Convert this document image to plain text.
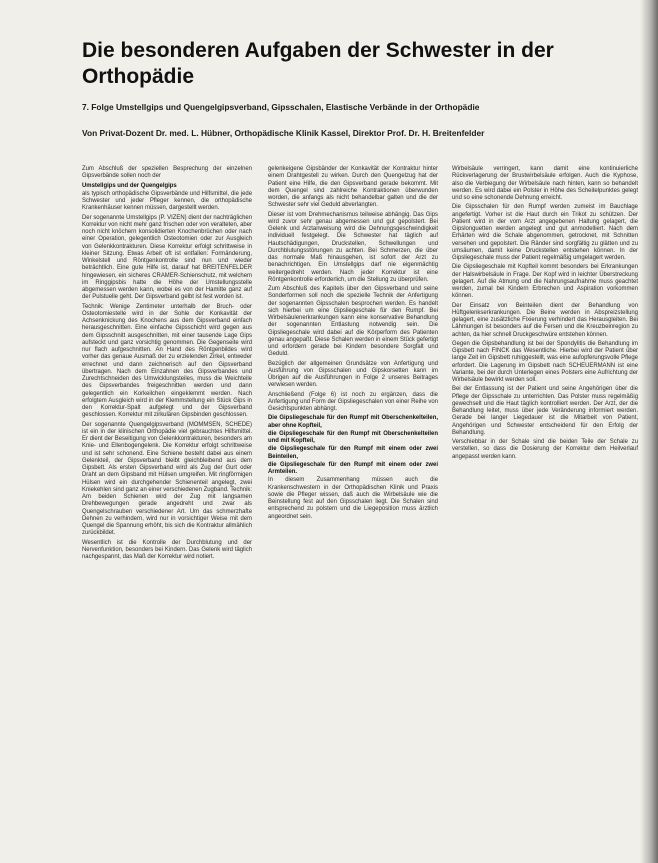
Die besonderen Aufgaben der Schwester in der Orthopädie
7. Folge Umstellgips und Quengelgipsverband, Gipsschalen, Elastische Verbände in der Orthopädie
Von Privat-Dozent Dr. med. L. Hübner, Orthopädische Klinik Kassel, Direktor Prof. Dr. H. Breitenfelder

Zum Abschluß der speziellen Besprechung der einzelnen Gipsverbände sollen noch der

Umstellgips und der Quengelgips

als typisch orthopädische Gipsverbände und Hilfsmittel, die jede Schwester und jeder Pfleger kennen, die orthopädische Krankenhäuser kennen müssen, dargestellt werden.

Der sogenannte Umstellgips (P. VIZEN) dient der nachträglichen Korrektur von nicht mehr ganz frischen oder von veralteten, aber noch nicht knöchern konsolidierten Knochenbrüchen oder nach einer Operation, gelegentlich Osteotomien oder zur Ausgleich von Gelenkkontrakturen. Diese Korrektur erfolgt schrittweise in kleiner Sitzung. Etwas Arbeit oft ist entfallen: Formänderung, Winkelstell und Röntgenkontrolle sind nun und wieder beträchtlich. Eine gute Hilfe ist, darauf hat BREITENFELDER hingewiesen, ein sicheres CRAMER-Schienschutz, mit welchem im Ringgipsbis hatte die Höhe der Umstellungsstelle abgemessen werden kann, wobei es von der Hamitte ganz auf der Pulstuelle geht. Der Gipsverband gelbt ist fest worden ist.

Technik: Wenige Zentimeter unterhalb der Bruch- oder Osteotomiestelle wird in der Sohle der Konkavität der Achsenknickung des Knochens aus dem Gipsverband einfach herausgeschnitten. Eine einfache Gipsschicht wird gegen aus dem Gipsschnitt ausgeschnitten, mit einer tausende Lage Gips aufsteckt und ganz vorsichtig genommen. Die Gegenseite wird nur flach aufgeschnitten. An Hand des Röntgenbildes wird vorher das genaue Ausmaß der zu erzielenden Zirkel, entweder errechnet und dann zeichnerisch auf den Gipsverband übertragen. Nach dem Einzahnen des Gipsverbandes und Zurechtschneiden des Umwicklungsteiles, muss die Weichteile des Gipsverbandes freigeschnitten werden und dann gelegentlich ein Korkeilchen eingeklemmt werden. Nach erfolgtem Ausgleich wird in der Klemmstellung ein Stück Gips in den Korrektur-Spalt aufgelegt und der Gipsverband geschlossen. Korrektur mit zirkulären Gipsbinden geschlossen.

Der sogenannte Quengelgipsverband (MOMMSEN, SCHEDE) ist ein in der klinischen Orthopädie viel gebrauchtes Hilfsmittel. Er dient der Beseitigung von Gelenkkontrakturen, besonders am Knie- und Ellenbogengelenk. Die Korrektur erfolgt schrittweise und ist sehr schonend. Eine Schiene besteht dabei aus einem Gelenkteil, der Gipsverband bleibt gleichbleibend aus dem Gipsbett. Als ersten Gipsverband wird als Zug der Gurt oder Draht an dem Gipsband mit Hülsen umgreifen. Mit ringförmigen Hülsen wird ein durchgehender Schienenteil angelegt, zwei Kniekehlen sind ganz an einer verschiedenen Zugband. Technik: Am beiden Schienen wird der Zug mit langsamen Drehbewegungen gerade angedreht und zwar als Quengelschrauben verschiedener Art. Um das schmerzhafte Dehnen zu verhindern, wird nur in vorsichtiger Weise mit dem Quengel die Spannung erhöht, bis sich die Kontraktur allmählich zurückbildet.

Wesentlich ist die Kontrolle der Durchblutung und der Nervenfunktion, besonders bei Kindern. Das Gelenk wird täglich nachgespannt, das Maß der Korrektur wird notiert.

gelenkeigene Gipsbänder der Konkavität der Kontraktur hinter einem Drahtgestell zu wirken. Durch den Quengelzug hat der Patient eine Hilfe, die den Gipsverband gerade bekommt. Mit dem Quengel sind zahlreiche Kontraktionen überwunden worden, die anfangs als nicht behandelbar galten und die der Schwester sehr viel Geduld abverlangten.

Dieser ist vom Drehmechanismus teilweise abhängig. Das Gips wird zuvor sehr genau abgemessen und gut gepolstert. Bei Gelenk und Arztanweisung wird die Dehnungsgeschwindigkeit individuell festgelegt. Die Schwester hat täglich auf Hautschädigungen, Druckstellen, Schwellungen und Durchblutungsstörungen zu achten. Bei Schmerzen, die über das normale Maß hinausgehen, ist sofort der Arzt zu benachrichtigen. Ein Umstellgips darf nie eigenmächtig weitergedreht werden. Nach jeder Korrektur ist eine Röntgenkontrolle erforderlich, um die Stellung zu überprüfen.

Zum Abschluß des Kapitels über den Gipsverband und seine Sonderformen soll noch die spezielle Technik der Anfertigung der sogenannten Gipsschalen besprochen werden. Es handelt sich hierbei um eine Gipsliegeschale für den Rumpf. Bei Wirbelsäulenerkrankungen kann eine konservative Behandlung der sogenannten Entlastung notwendig sein. Die Gipsliegeschale wird dabei auf die Körperform des Patienten genau angepaßt. Diese Schalen werden in einem Stück gefertigt und erfordern gerade bei Kindern besondere Sorgfalt und Geduld.

Bezüglich der allgemeinen Grundsätze von Anfertigung und Ausführung von Gipsschalen und Gipskorsetten kann im Übrigen auf die Ausführungen in Folge 2 unseres Beitrages verwiesen werden.

Anschließend (Folge 6) ist noch zu ergänzen, dass die Anfertigung und Form der Gipsliegeschalen von einer Reihe von Gesichtspunkten abhängt.

Die Gipsliegeschale für den Rumpf mit Oberschenkelteilen, aber ohne Kopfteil,
die Gipsliegeschale für den Rumpf mit Oberschenkelteilen und mit Kopfteil,
die Gipsliegeschale für den Rumpf mit einem oder zwei Beinteilen,
die Gipsliegeschale für den Rumpf mit einem oder zwei Armteilen.

In diesem Zusammenhang müssen auch die Krankenschwestern in der Orthopädischen Klinik und Praxis sowie die Pfleger wissen, daß auch die Wirbelsäule wie die Beinstellung fest auf den Gipsschalen liegt. Die Schalen sind entsprechend zu polstern und die Liegeposition muss ärztlich angeordnet sein.

Wirbelsäule verringert, kann damit eine kontinuierliche Rückverlagerung der Brustwirbelsäule erfolgen. Auch die Kyphose, also die Verbiegung der Wirbelsäule nach hinten, kann so behandelt werden. Es wird dabei ein Polster in Höhe des Scheitelpunktes gelegt und so eine schonende Dehnung erreicht.

Die Gipsschalen für den Rumpf werden zumeist im Bauchlage angefertigt. Vorher ist die Haut durch ein Trikot zu schützen. Der Patient wird in der vom Arzt angegebenen Haltung gelagert, die Gipslonguetten werden angelegt und gut anmodelliert. Nach dem Erhärten wird die Schale abgenommen, getrocknet, mit Schnitten versehen und gepolstert. Die Ränder sind sorgfältig zu glätten und zu umsäumen, damit keine Druckstellen entstehen können. In der Gipsliegeschale muss der Patient regelmäßig umgelagert werden.

Die Gipsliegeschale mit Kopfteil kommt besonders bei Erkrankungen der Halswirbelsäule in Frage. Der Kopf wird in leichter Überstreckung gelagert. Auf die Atmung und die Nahrungsaufnahme muss geachtet werden, zumal bei Kindern Erbrechen und Aspiration vorkommen können.

Der Einsatz von Beinteilen dient der Behandlung von Hüftgelenkserkrankungen. Die Beine werden in Abspreizstellung gelagert, eine zusätzliche Fixierung verhindert das Herausgleiten. Bei Lähmungen ist besonders auf die Fersen und die Kreuzbeinregion zu achten, da hier schnell Druckgeschwüre entstehen können.

Gegen die Gipsbehandlung ist bei der Spondylitis die Behandlung im Gipsbett nach FINCK das Wesentliche. Hierbei wird der Patient über lange Zeit im Gipsbett ruhiggestellt, was eine aufopferungsvolle Pflege erfordert. Die Lagerung im Gipsbett nach SCHEUERMANN ist eine Variante, bei der durch Unterlegen eines Polsters eine Aufrichtung der Wirbelsäule bewirkt werden soll.

Bei der Entlassung ist der Patient und seine Angehörigen über die Pflege der Gipsschale zu unterrichten. Das Polster muss regelmäßig gewechselt und die Haut täglich kontrolliert werden. Der Arzt, der die Behandlung leitet, muss über jede Veränderung informiert werden. Gerade bei langer Liegedauer ist die Mitarbeit von Patient, Angehörigen und Schwester entscheidend für den Erfolg der Behandlung.

Verschiebbar in der Schale sind die beiden Teile der Schale zu verstellen, so dass die Dosierung der Korrektur dem Heilverlauf angepasst werden kann.
